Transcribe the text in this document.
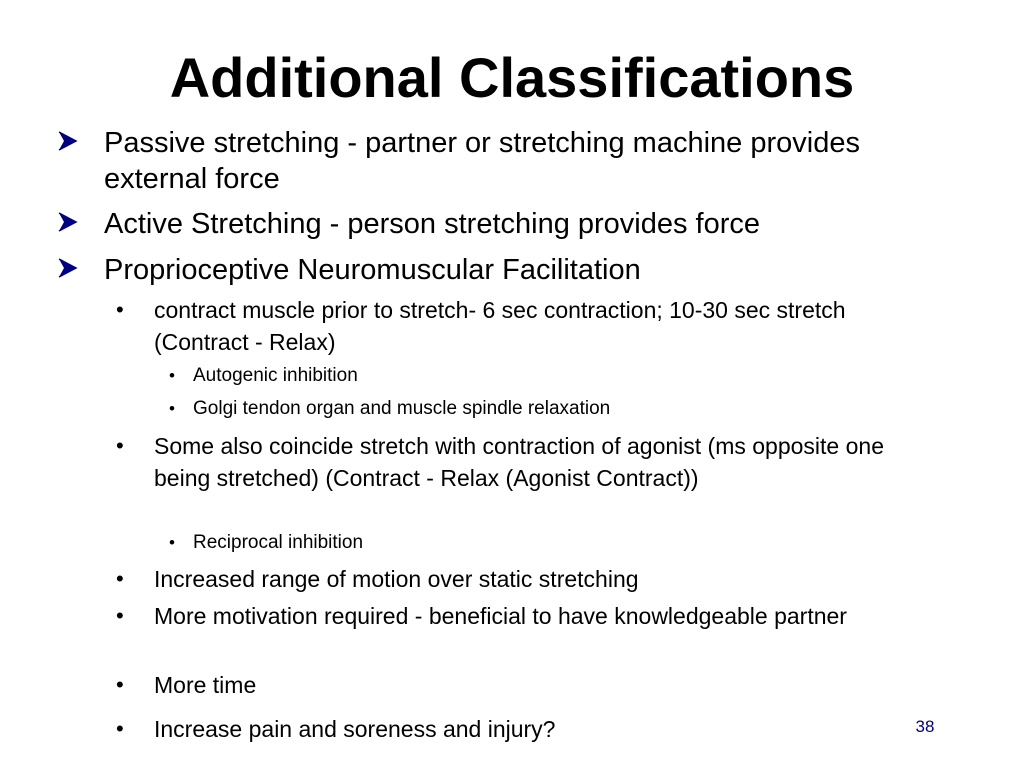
Additional Classifications

Passive stretching - partner or stretching machine provides external force

Active Stretching - person stretching provides force

Proprioceptive Neuromuscular Facilitation

• contract muscle prior to stretch- 6 sec contraction; 10-30 sec stretch (Contract - Relax)

• Autogenic inhibition

• Golgi tendon organ and muscle spindle relaxation

• Some also coincide stretch with contraction of agonist (ms opposite one being stretched) (Contract - Relax (Agonist Contract))

• Reciprocal inhibition

• Increased range of motion over static stretching

• More motivation required - beneficial to have knowledgeable partner

• More time

• Increase pain and soreness and injury?	38
